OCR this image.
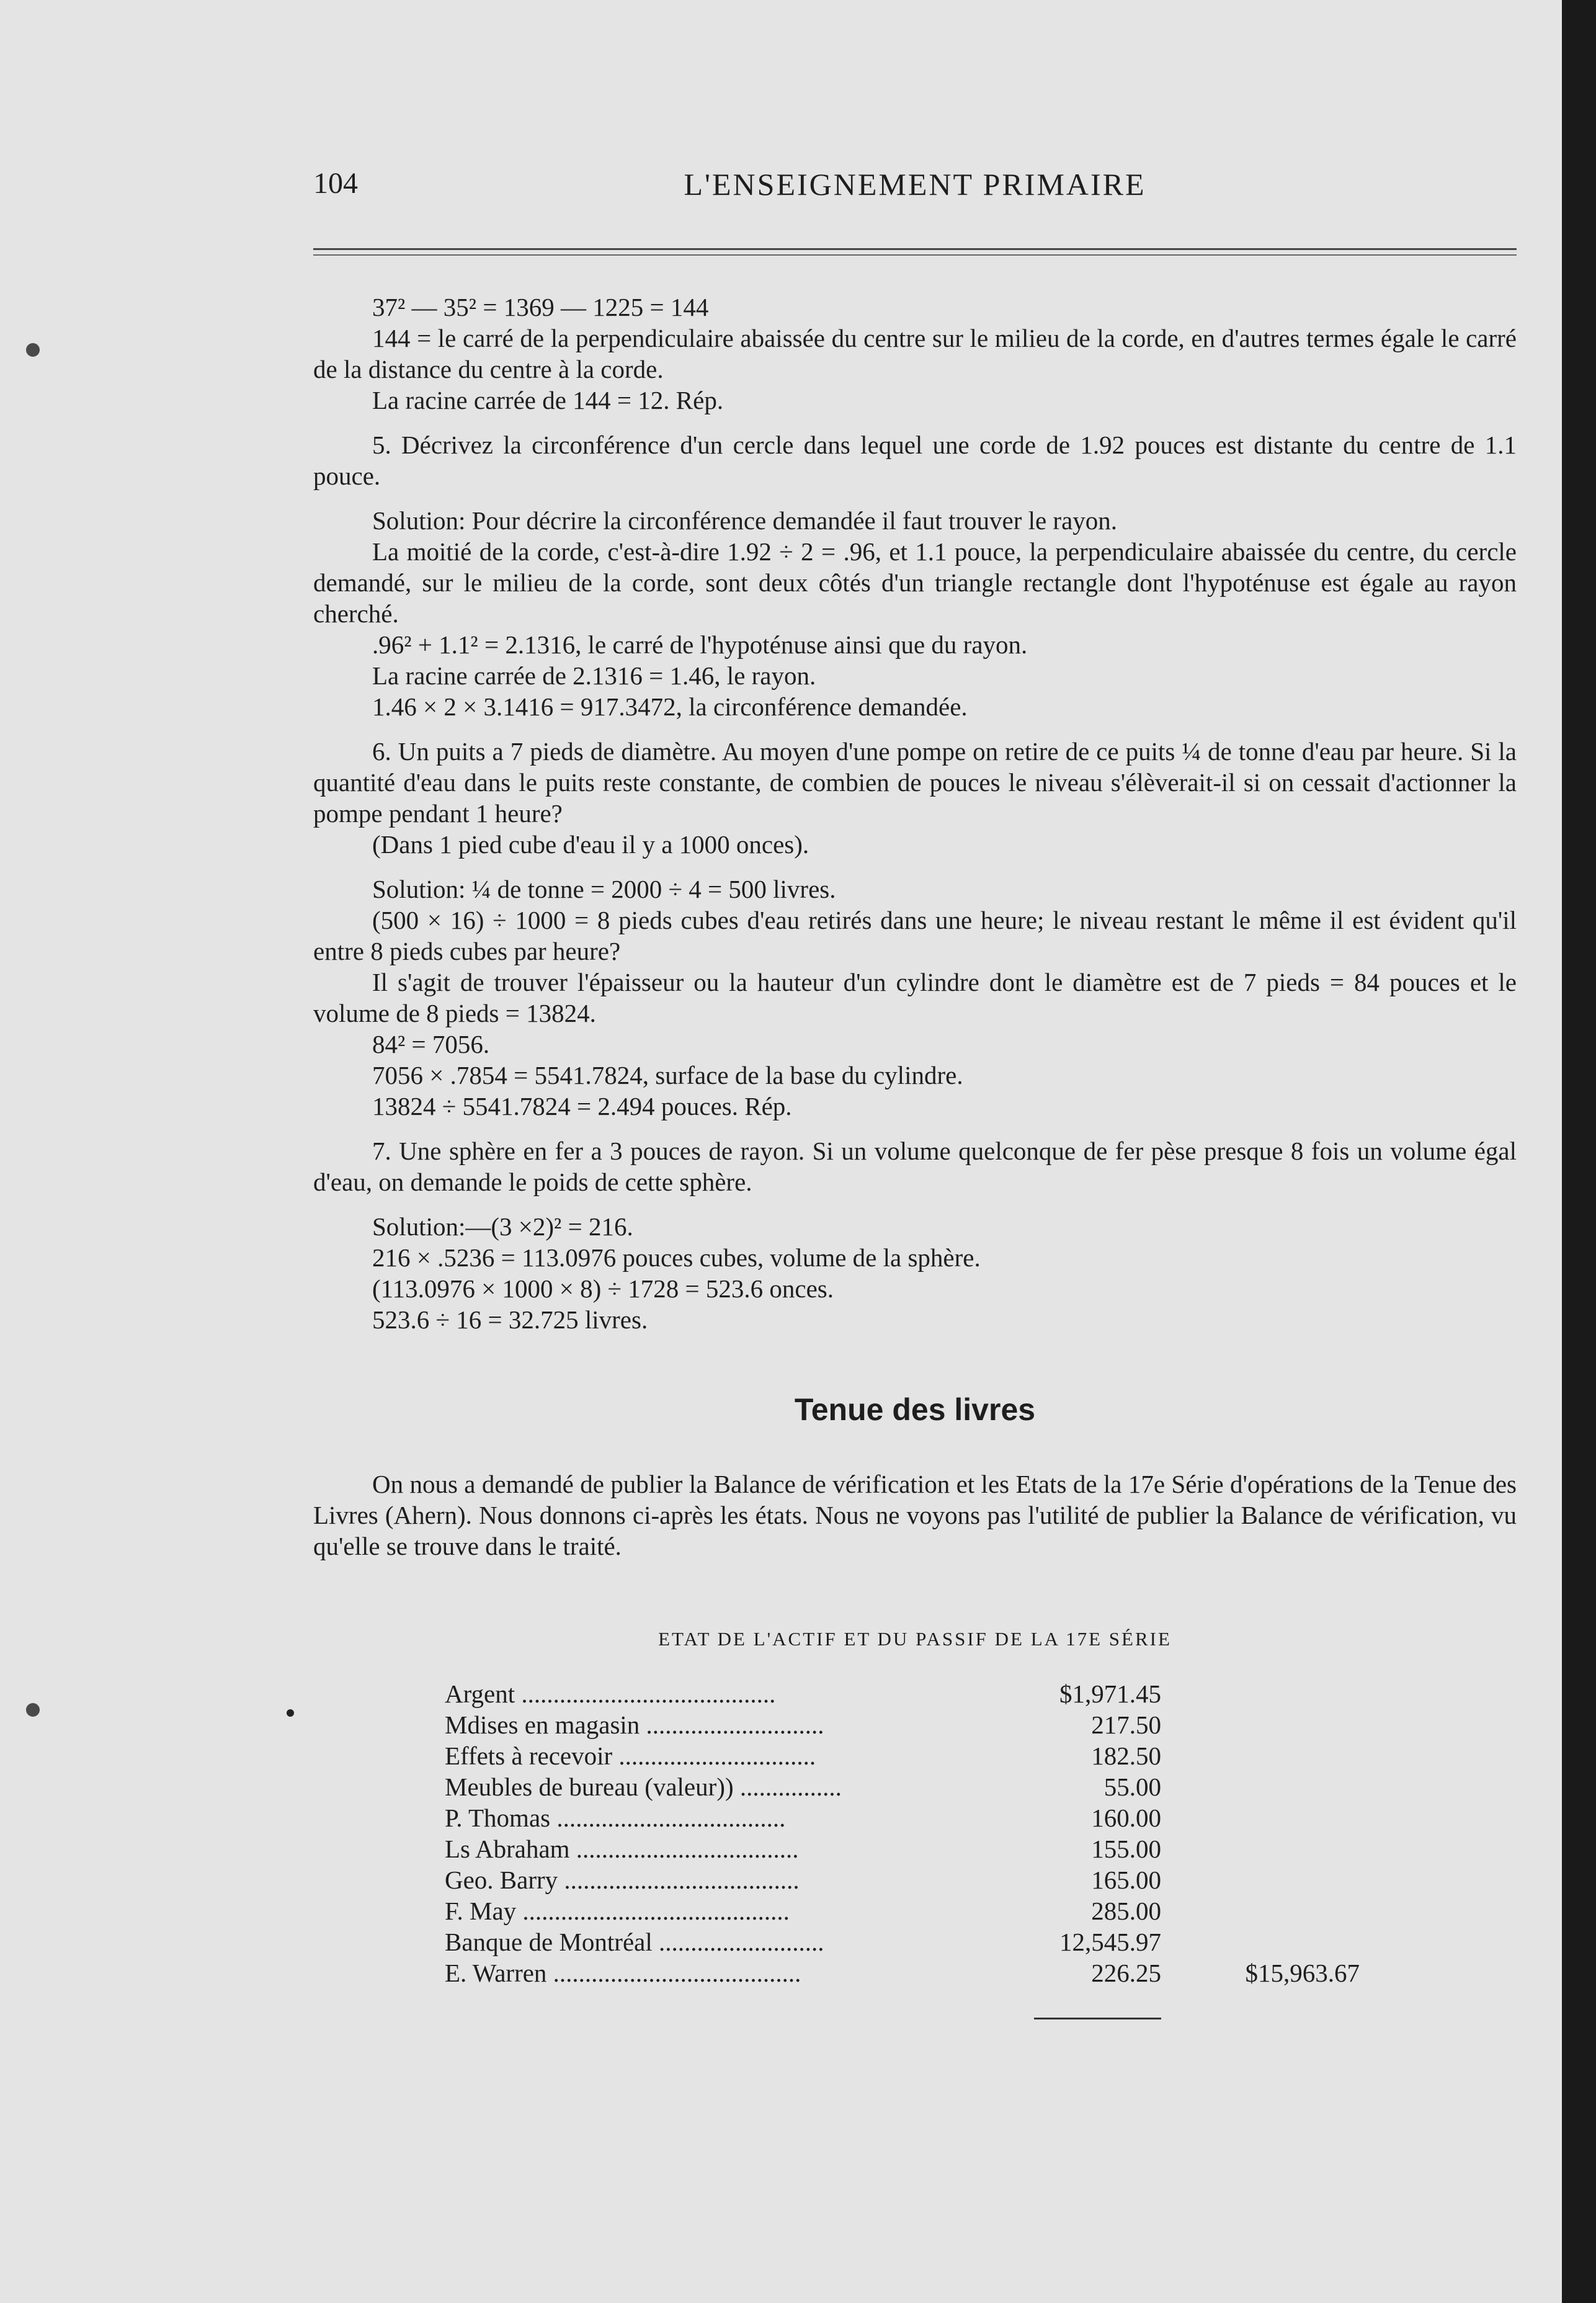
104	L'ENSEIGNEMENT PRIMAIRE

37² — 35² = 1369 — 1225 = 144

144 = le carré de la perpendiculaire abaissée du centre sur le milieu de la corde, en d'autres termes égale le carré de la distance du centre à la corde.

La racine carrée de 144 = 12. Rép.

5. Décrivez la circonférence d'un cercle dans lequel une corde de 1.92 pouces est distante du centre de 1.1 pouce.

Solution: Pour décrire la circonférence demandée il faut trouver le rayon.

La moitié de la corde, c'est-à-dire 1.92 ÷ 2 = .96, et 1.1 pouce, la perpendiculaire abaissée du centre, du cercle demandé, sur le milieu de la corde, sont deux côtés d'un triangle rectangle dont l'hypoténuse est égale au rayon cherché.

.96² + 1.1² = 2.1316, le carré de l'hypoténuse ainsi que du rayon.

La racine carrée de 2.1316 = 1.46, le rayon.

1.46 × 2 × 3.1416 = 917.3472, la circonférence demandée.

6. Un puits a 7 pieds de diamètre. Au moyen d'une pompe on retire de ce puits ¼ de tonne d'eau par heure. Si la quantité d'eau dans le puits reste constante, de combien de pouces le niveau s'élèverait-il si on cessait d'actionner la pompe pendant 1 heure?

(Dans 1 pied cube d'eau il y a 1000 onces).

Solution: ¼ de tonne = 2000 ÷ 4 = 500 livres.

(500 × 16) ÷ 1000 = 8 pieds cubes d'eau retirés dans une heure; le niveau restant le même il est évident qu'il entre 8 pieds cubes par heure?

Il s'agit de trouver l'épaisseur ou la hauteur d'un cylindre dont le diamètre est de 7 pieds = 84 pouces et le volume de 8 pieds = 13824.

84² = 7056.

7056 × .7854 = 5541.7824, surface de la base du cylindre.

13824 ÷ 5541.7824 = 2.494 pouces. Rép.

7. Une sphère en fer a 3 pouces de rayon. Si un volume quelconque de fer pèse presque 8 fois un volume égal d'eau, on demande le poids de cette sphère.

Solution:—(3 ×2)² = 216.

216 × .5236 = 113.0976 pouces cubes, volume de la sphère.

(113.0976 × 1000 × 8) ÷ 1728 = 523.6 onces.

523.6 ÷ 16 = 32.725 livres.

Tenue des livres

On nous a demandé de publier la Balance de vérification et les Etats de la 17e Série d'opérations de la Tenue des Livres (Ahern). Nous donnons ci-après les états. Nous ne voyons pas l'utilité de publier la Balance de vérification, vu qu'elle se trouve dans le traité.

ETAT DE L'ACTIF ET DU PASSIF DE LA 17E SÉRIE

Argent ........................................	$1,971.45	
Mdises en magasin ............................	217.50	
Effets à recevoir ...............................	182.50	
Meubles de bureau (valeur)) ................	55.00	
P. Thomas ....................................	160.00	
Ls Abraham ...................................	155.00	
Geo. Barry .....................................	165.00	
F. May ..........................................	285.00	
Banque de Montréal ..........................	12,545.97	
E. Warren .......................................	226.25	$15,963.67
